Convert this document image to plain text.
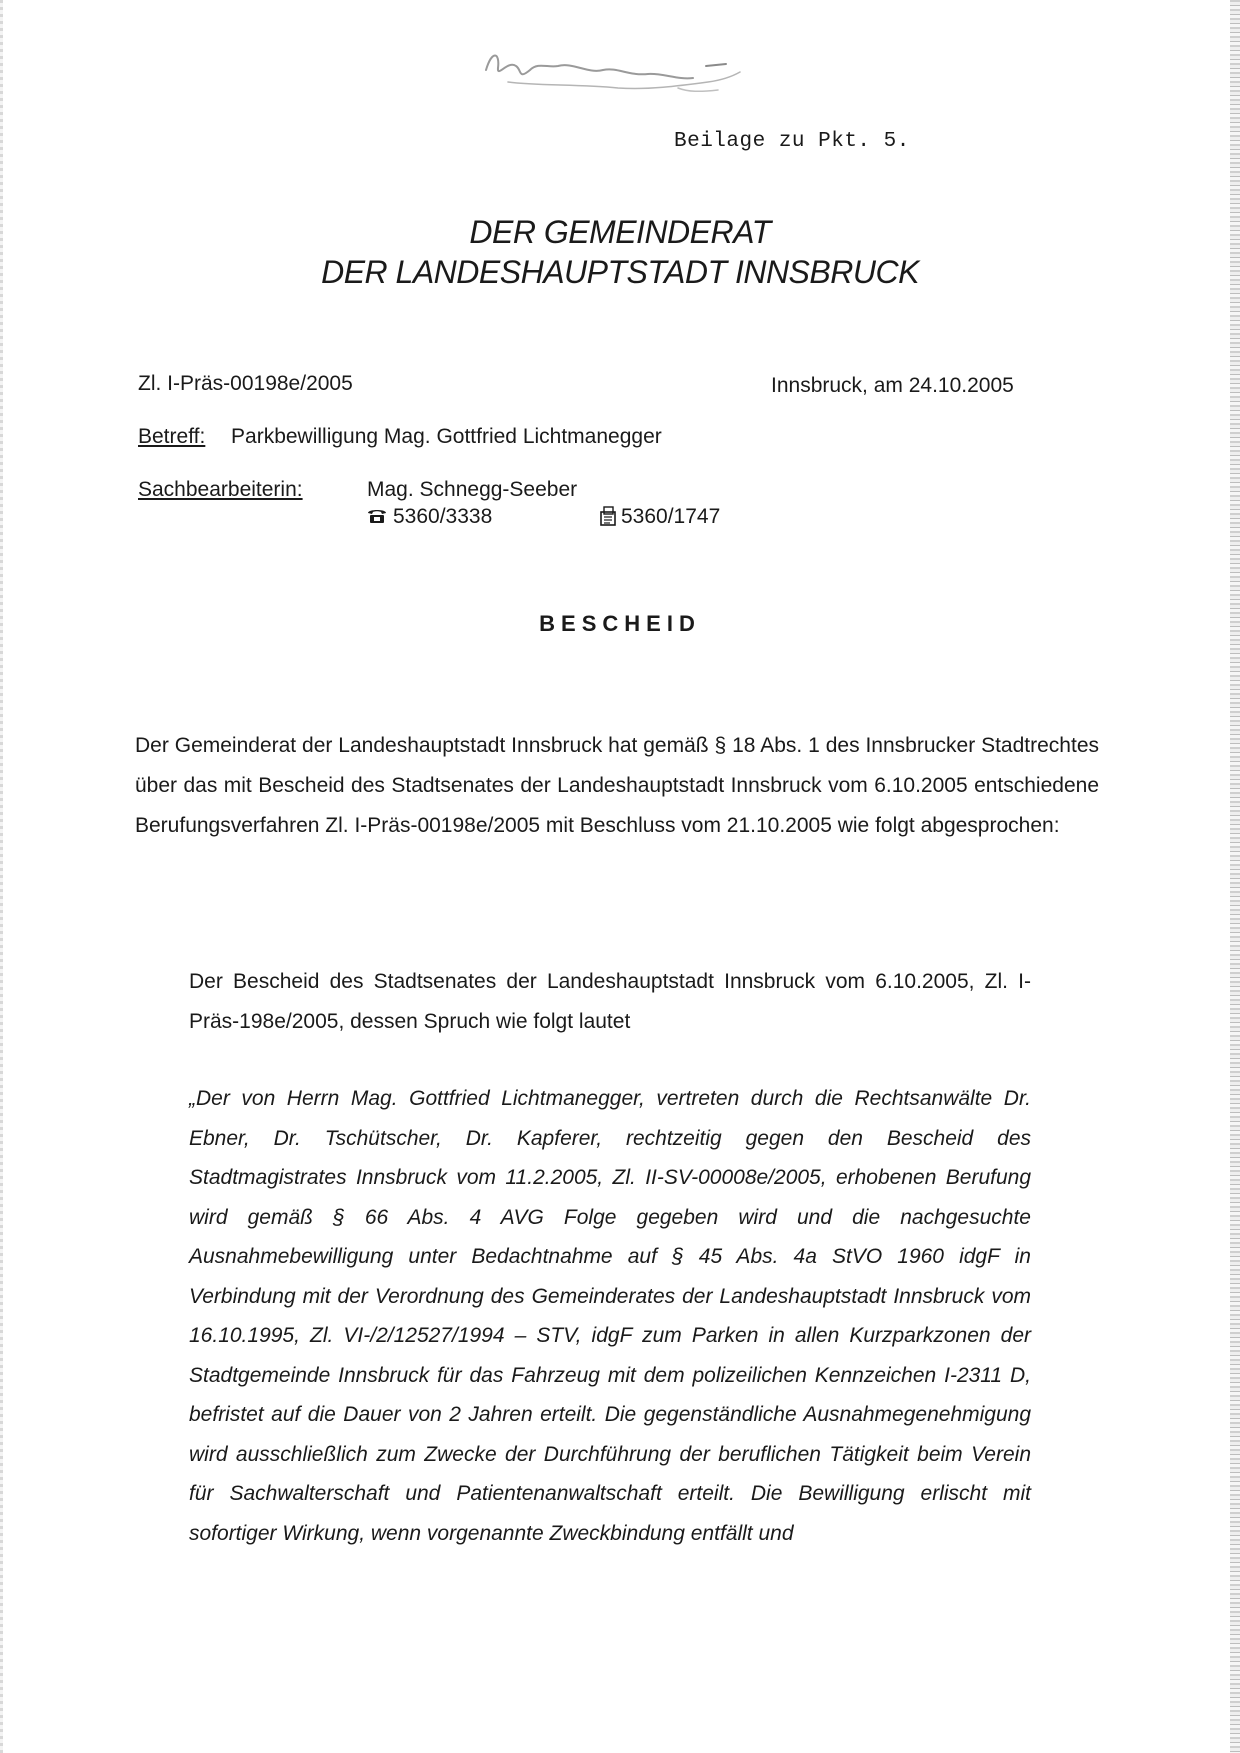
Beilage zu Pkt. 5.
DER GEMEINDERAT
DER LANDESHAUPTSTADT INNSBRUCK
Zl. I-Präs-00198e/2005	Innsbruck, am 24.10.2005
Betreff: Parkbewilligung Mag. Gottfried Lichtmanegger
Sachbearbeiterin:	Mag. Schnegg-Seeber
5360/3338	5360/1747
BESCHEID
Der Gemeinderat der Landeshauptstadt Innsbruck hat gemäß § 18 Abs. 1 des Innsbrucker Stadtrechtes über das mit Bescheid des Stadtsenates der Landeshauptstadt Innsbruck vom 6.10.2005 entschiedene Berufungsverfahren Zl. I-Präs-00198e/2005 mit Beschluss vom 21.10.2005 wie folgt abgesprochen:
Der Bescheid des Stadtsenates der Landeshauptstadt Innsbruck vom 6.10.2005, Zl. I-Präs-198e/2005, dessen Spruch wie folgt lautet
„Der von Herrn Mag. Gottfried Lichtmanegger, vertreten durch die Rechtsanwälte Dr. Ebner, Dr. Tschütscher, Dr. Kapferer, rechtzeitig gegen den Bescheid des Stadtmagistrates Innsbruck vom 11.2.2005, Zl. II-SV-00008e/2005, erhobenen Berufung wird gemäß § 66 Abs. 4 AVG Folge gegeben wird und die nachgesuchte Ausnahmebewilligung unter Bedachtnahme auf § 45 Abs. 4a StVO 1960 idgF in Verbindung mit der Verordnung des Gemeinderates der Landeshauptstadt Innsbruck vom 16.10.1995, Zl. VI-/2/12527/1994 – STV, idgF zum Parken in allen Kurzparkzonen der Stadtgemeinde Innsbruck für das Fahrzeug mit dem polizeilichen Kennzeichen I-2311 D, befristet auf die Dauer von 2 Jahren erteilt. Die gegenständliche Ausnahmegenehmigung wird ausschließlich zum Zwecke der Durchführung der beruflichen Tätigkeit beim Verein für Sachwalterschaft und Patientenanwaltschaft erteilt. Die Bewilligung erlischt mit sofortiger Wirkung, wenn vorgenannte Zweckbindung entfällt und
